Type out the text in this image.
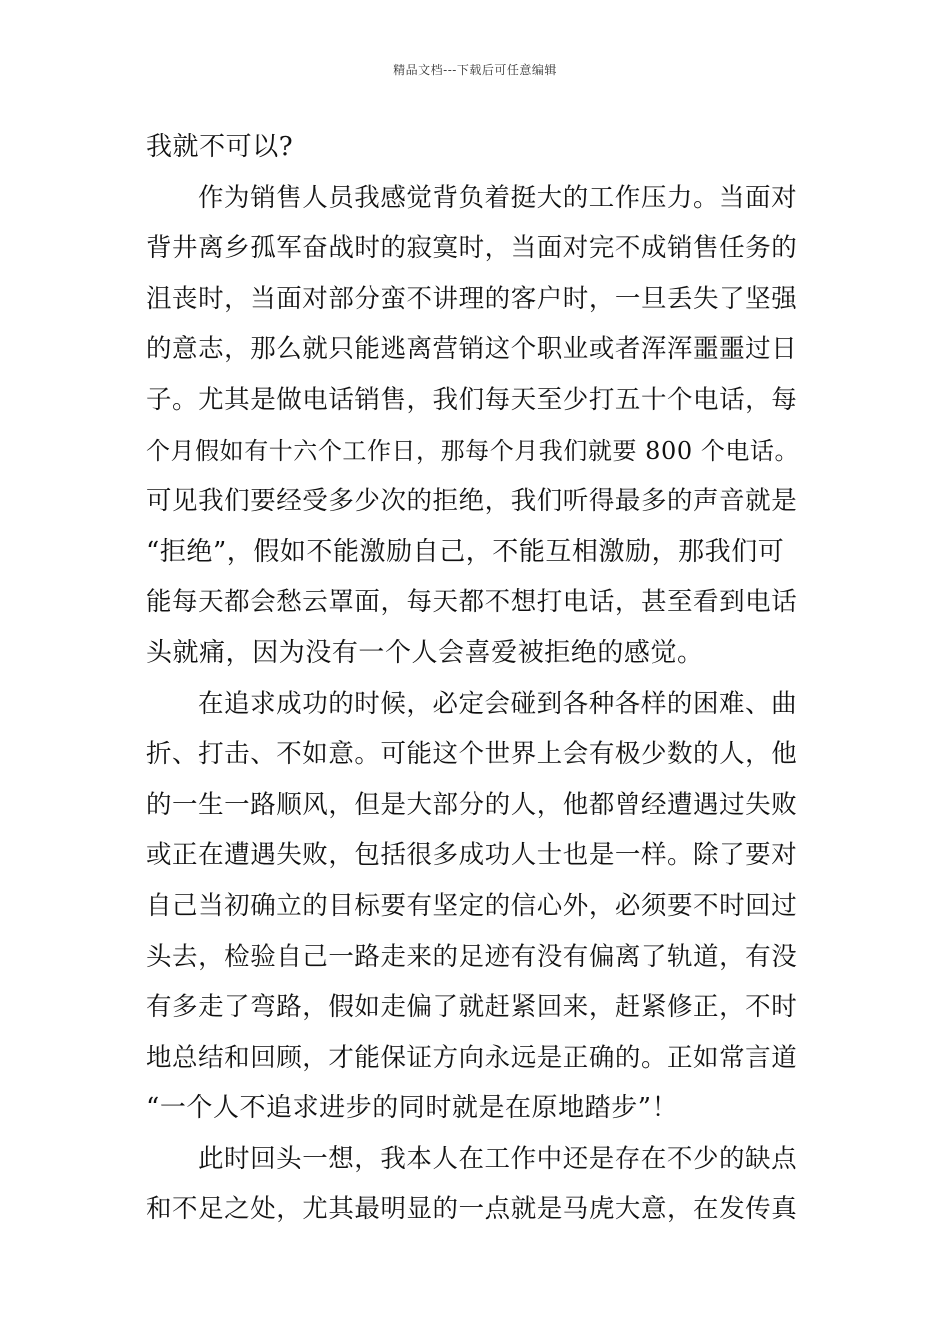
精品文档---下载后可任意编辑
我就不可以?
作为销售人员我感觉背负着挺大的工作压力。当面对
背井离乡孤军奋战时的寂寞时，当面对完不成销售任务的
沮丧时，当面对部分蛮不讲理的客户时，一旦丢失了坚强
的意志，那么就只能逃离营销这个职业或者浑浑噩噩过日
子。尤其是做电话销售，我们每天至少打五十个电话，每
个月假如有十六个工作日，那每个月我们就要 800 个电话。
可见我们要经受多少次的拒绝，我们听得最多的声音就是
“拒绝”，假如不能激励自己，不能互相激励，那我们可
能每天都会愁云罩面，每天都不想打电话，甚至看到电话
头就痛，因为没有一个人会喜爱被拒绝的感觉。
在追求成功的时候，必定会碰到各种各样的困难、曲
折、打击、不如意。可能这个世界上会有极少数的人，他
的一生一路顺风，但是大部分的人，他都曾经遭遇过失败
或正在遭遇失败，包括很多成功人士也是一样。除了要对
自己当初确立的目标要有坚定的信心外，必须要不时回过
头去，检验自己一路走来的足迹有没有偏离了轨道，有没
有多走了弯路，假如走偏了就赶紧回来，赶紧修正，不时
地总结和回顾，才能保证方向永远是正确的。正如常言道
“一个人不追求进步的同时就是在原地踏步”！
此时回头一想，我本人在工作中还是存在不少的缺点
和不足之处，尤其最明显的一点就是马虎大意，在发传真
